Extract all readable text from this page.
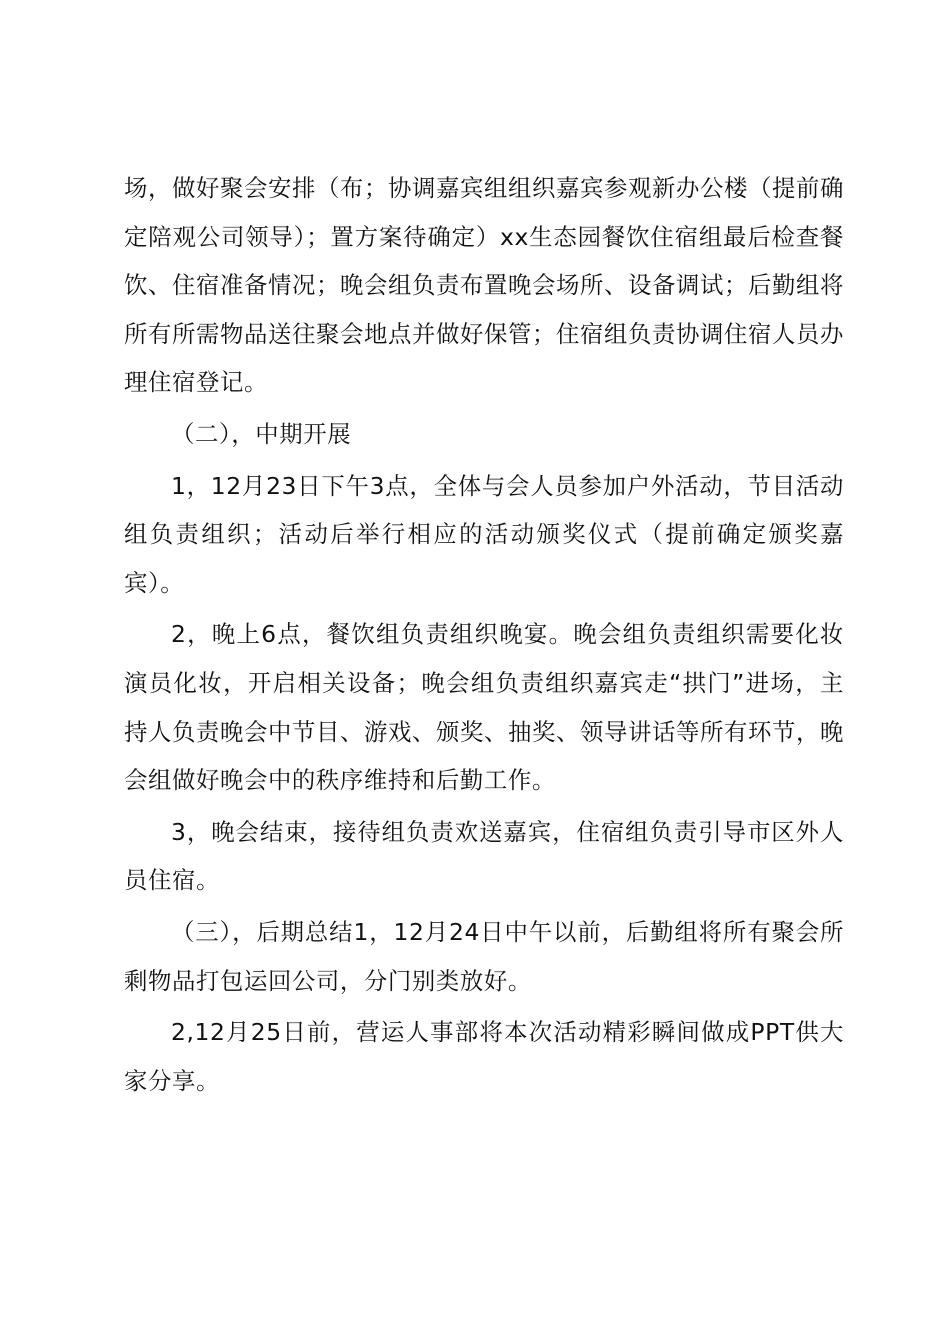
场，做好聚会安排（布；协调嘉宾组组织嘉宾参观新办公楼（提前确定陪观公司领导）；置方案待确定）xx生态园餐饮住宿组最后检查餐饮、住宿准备情况；晚会组负责布置晚会场所、设备调试；后勤组将所有所需物品送往聚会地点并做好保管；住宿组负责协调住宿人员办理住宿登记。

（二），中期开展

1，12月23日下午3点，全体与会人员参加户外活动，节目活动组负责组织；活动后举行相应的活动颁奖仪式（提前确定颁奖嘉宾）。

2，晚上6点，餐饮组负责组织晚宴。晚会组负责组织需要化妆演员化妆，开启相关设备；晚会组负责组织嘉宾走“拱门”进场，主持人负责晚会中节目、游戏、颁奖、抽奖、领导讲话等所有环节，晚会组做好晚会中的秩序维持和后勤工作。

3，晚会结束，接待组负责欢送嘉宾，住宿组负责引导市区外人员住宿。

（三），后期总结1，12月24日中午以前，后勤组将所有聚会所剩物品打包运回公司，分门别类放好。

2,12月25日前，营运人事部将本次活动精彩瞬间做成PPT供大家分享。
